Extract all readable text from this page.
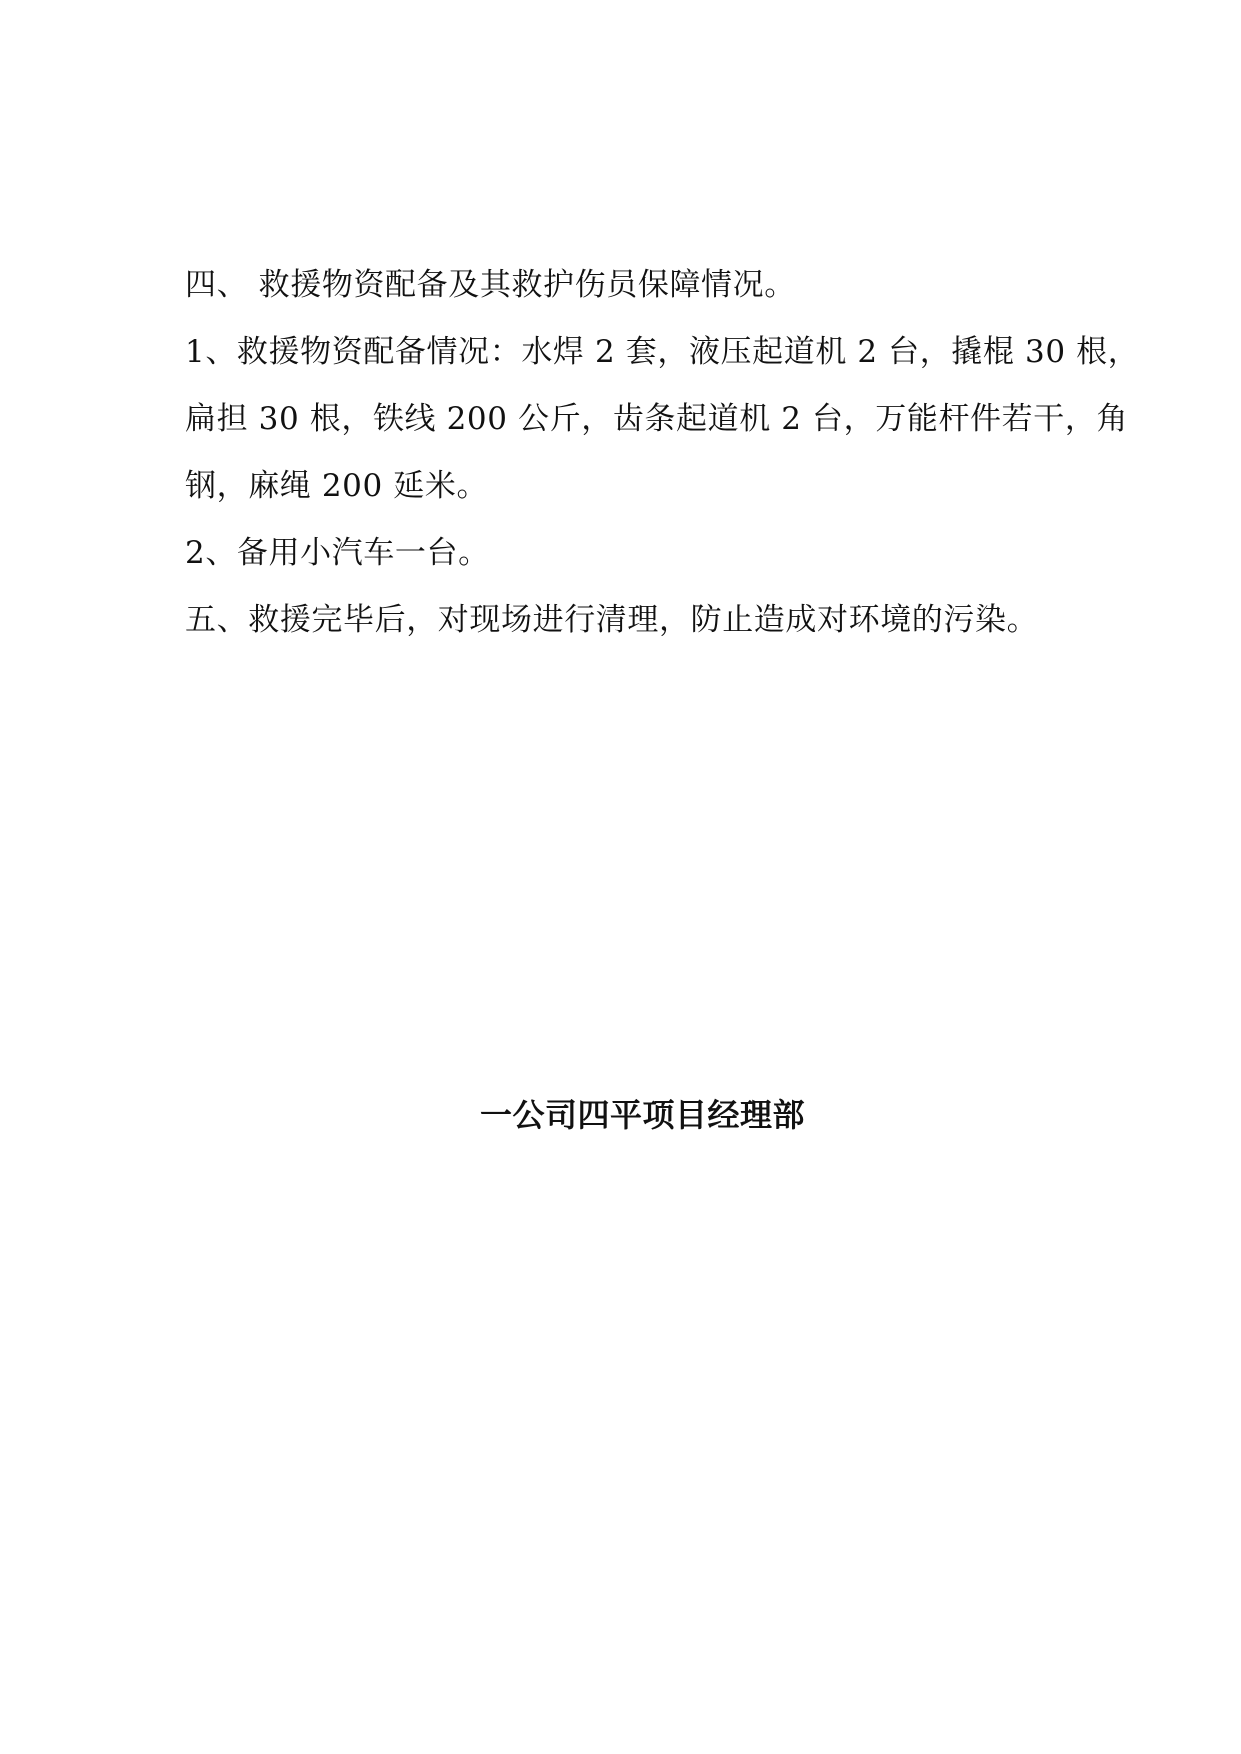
四、 救援物资配备及其救护伤员保障情况。
1、救援物资配备情况：水焊 2 套，液压起道机 2 台，撬棍 30 根，
扁担 30 根，铁线 200 公斤，齿条起道机 2 台，万能杆件若干，角
钢，麻绳 200 延米。
2、备用小汽车一台。
五、救援完毕后，对现场进行清理，防止造成对环境的污染。
一公司四平项目经理部
